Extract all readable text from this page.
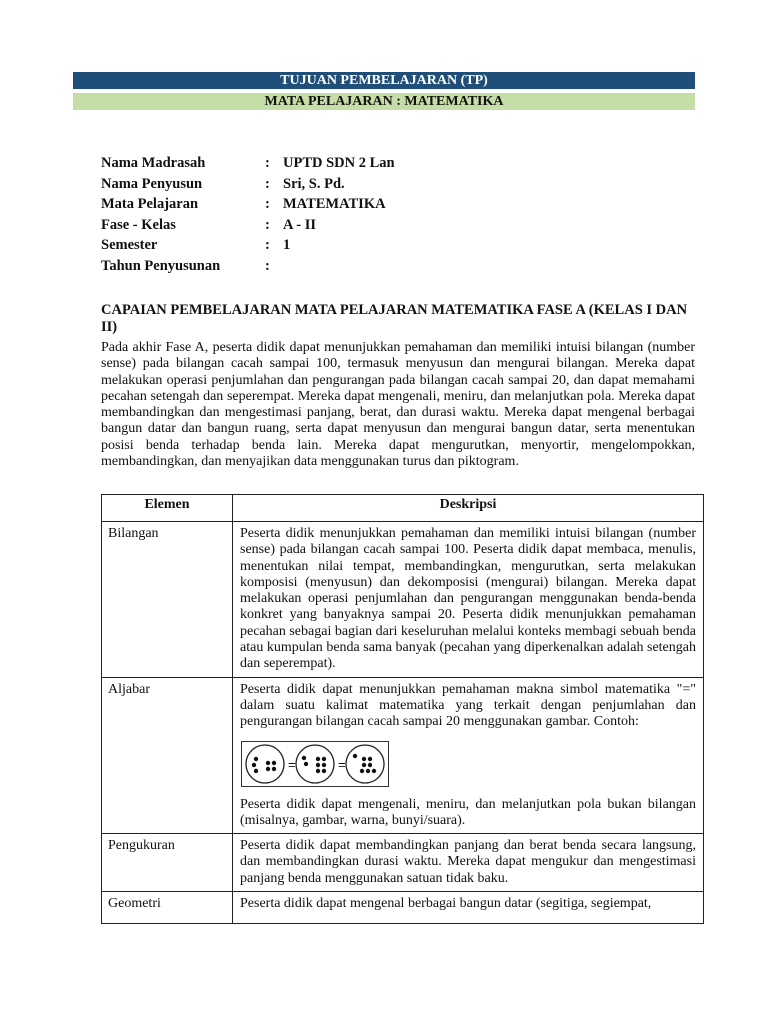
TUJUAN PEMBELAJARAN (TP)
MATA PELAJARAN : MATEMATIKA
Nama Madrasah	: UPTD SDN 2 Lan
Nama Penyusun	: Sri, S. Pd.
Mata Pelajaran	: MATEMATIKA
Fase - Kelas	: A - II
Semester	: 1
Tahun Penyusunan	:
CAPAIAN PEMBELAJARAN MATA PELAJARAN MATEMATIKA FASE A (KELAS I DAN II)
Pada akhir Fase A, peserta didik dapat menunjukkan pemahaman dan memiliki intuisi bilangan (number sense) pada bilangan cacah sampai 100, termasuk menyusun dan mengurai bilangan. Mereka dapat melakukan operasi penjumlahan dan pengurangan pada bilangan cacah sampai 20, dan dapat memahami pecahan setengah dan seperempat. Mereka dapat mengenali, meniru, dan melanjutkan pola. Mereka dapat membandingkan dan mengestimasi panjang, berat, dan durasi waktu. Mereka dapat mengenal berbagai bangun datar dan bangun ruang, serta dapat menyusun dan mengurai bangun datar, serta menentukan posisi benda terhadap benda lain. Mereka dapat mengurutkan, menyortir, mengelompokkan, membandingkan, dan menyajikan data menggunakan turus dan piktogram.
Elemen	Deskripsi
Bilangan	Peserta didik menunjukkan pemahaman dan memiliki intuisi bilangan (number sense) pada bilangan cacah sampai 100. Peserta didik dapat membaca, menulis, menentukan nilai tempat, membandingkan, mengurutkan, serta melakukan komposisi (menyusun) dan dekomposisi (mengurai) bilangan. Mereka dapat melakukan operasi penjumlahan dan pengurangan menggunakan benda-benda konkret yang banyaknya sampai 20. Peserta didik menunjukkan pemahaman pecahan sebagai bagian dari keseluruhan melalui konteks membagi sebuah benda atau kumpulan benda sama banyak (pecahan yang diperkenalkan adalah setengah dan seperempat).
Aljabar	Peserta didik dapat menunjukkan pemahaman makna simbol matematika "=" dalam suatu kalimat matematika yang terkait dengan penjumlahan dan pengurangan bilangan cacah sampai 20 menggunakan gambar. Contoh:
= =
Peserta didik dapat mengenali, meniru, dan melanjutkan pola bukan bilangan (misalnya, gambar, warna, bunyi/suara).

Pengukuran	Peserta didik dapat membandingkan panjang dan berat benda secara langsung, dan membandingkan durasi waktu. Mereka dapat mengukur dan mengestimasi panjang benda menggunakan satuan tidak baku.
Geometri	Peserta didik dapat mengenal berbagai bangun datar (segitiga, segiempat,
